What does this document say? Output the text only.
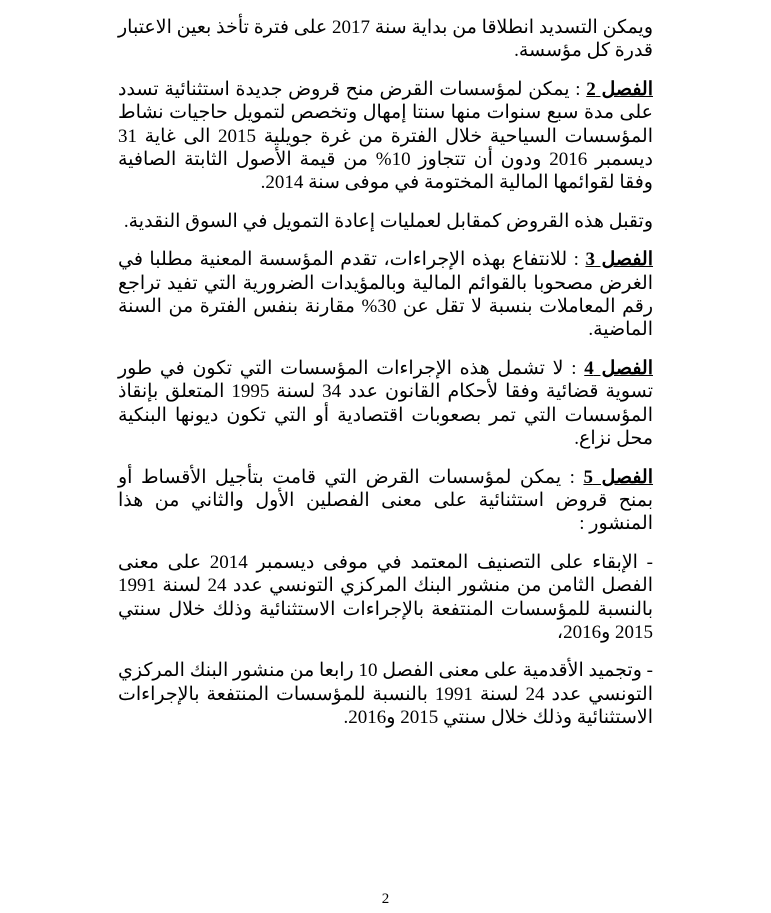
ويمكن التسديد انطلاقا من بداية سنة 2017 على فترة تأخذ بعين الاعتبار قدرة كل مؤسسة.

الفصل 2 : يمكن لمؤسسات القرض منح قروض جديدة استثنائية تسدد على مدة سبع سنوات منها سنتا إمهال وتخصص لتمويل حاجيات نشاط المؤسسات السياحية خلال الفترة من غرة جويلية 2015 الى غاية 31 ديسمبر 2016 ودون أن تتجاوز 10% من قيمة الأصول الثابتة الصافية وفقا لقوائمها المالية المختومة في موفى سنة 2014.

وتقبل هذه القروض كمقابل لعمليات إعادة التمويل في السوق النقدية.

الفصل 3 : للانتفاع بهذه الإجراءات، تقدم المؤسسة المعنية مطلبا في الغرض مصحوبا بالقوائم المالية وبالمؤيدات الضرورية التي تفيد تراجع رقم المعاملات بنسبة لا تقل عن 30% مقارنة بنفس الفترة من السنة الماضية.

الفصل 4 : لا تشمل هذه الإجراءات المؤسسات التي تكون في طور تسوية قضائية وفقا لأحكام القانون عدد 34 لسنة 1995 المتعلق بإنقاذ المؤسسات التي تمر بصعوبات اقتصادية أو التي تكون ديونها البنكية محل نزاع.

الفصل 5 : يمكن لمؤسسات القرض التي قامت بتأجيل الأقساط أو بمنح قروض استثنائية على معنى الفصلين الأول والثاني من هذا المنشور :

- الإبقاء على التصنيف المعتمد في موفى ديسمبر 2014 على معنى الفصل الثامن من منشور البنك المركزي التونسي عدد 24 لسنة 1991 بالنسبة للمؤسسات المنتفعة بالإجراءات الاستثنائية وذلك خلال سنتي 2015 و2016،

- وتجميد الأقدمية على معنى الفصل 10 رابعا من منشور البنك المركزي التونسي عدد 24 لسنة 1991 بالنسبة للمؤسسات المنتفعة بالإجراءات الاستثنائية وذلك خلال سنتي 2015 و2016.

2
